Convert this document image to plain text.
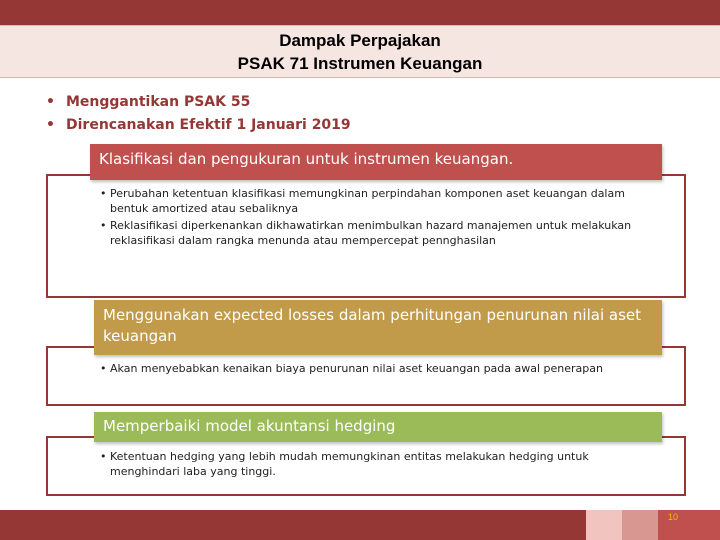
Dampak Perpajakan
PSAK 71 Instrumen Keuangan
• Menggantikan PSAK 55
• Direncanakan Efektif 1 Januari 2019
Klasifikasi dan pengukuran untuk instrumen keuangan.
• Perubahan ketentuan klasifikasi memungkinan perpindahan komponen aset keuangan dalam bentuk amortized atau sebaliknya
• Reklasifikasi diperkenankan dikhawatirkan menimbulkan hazard manajemen untuk melakukan reklasifikasi dalam rangka menunda atau mempercepat pennghasilan
Menggunakan expected losses dalam perhitungan penurunan nilai aset keuangan
• Akan menyebabkan kenaikan biaya penurunan nilai aset keuangan pada awal penerapan
Memperbaiki model akuntansi hedging
• Ketentuan hedging yang lebih mudah memungkinan entitas melakukan hedging untuk menghindari laba yang tinggi.
10
